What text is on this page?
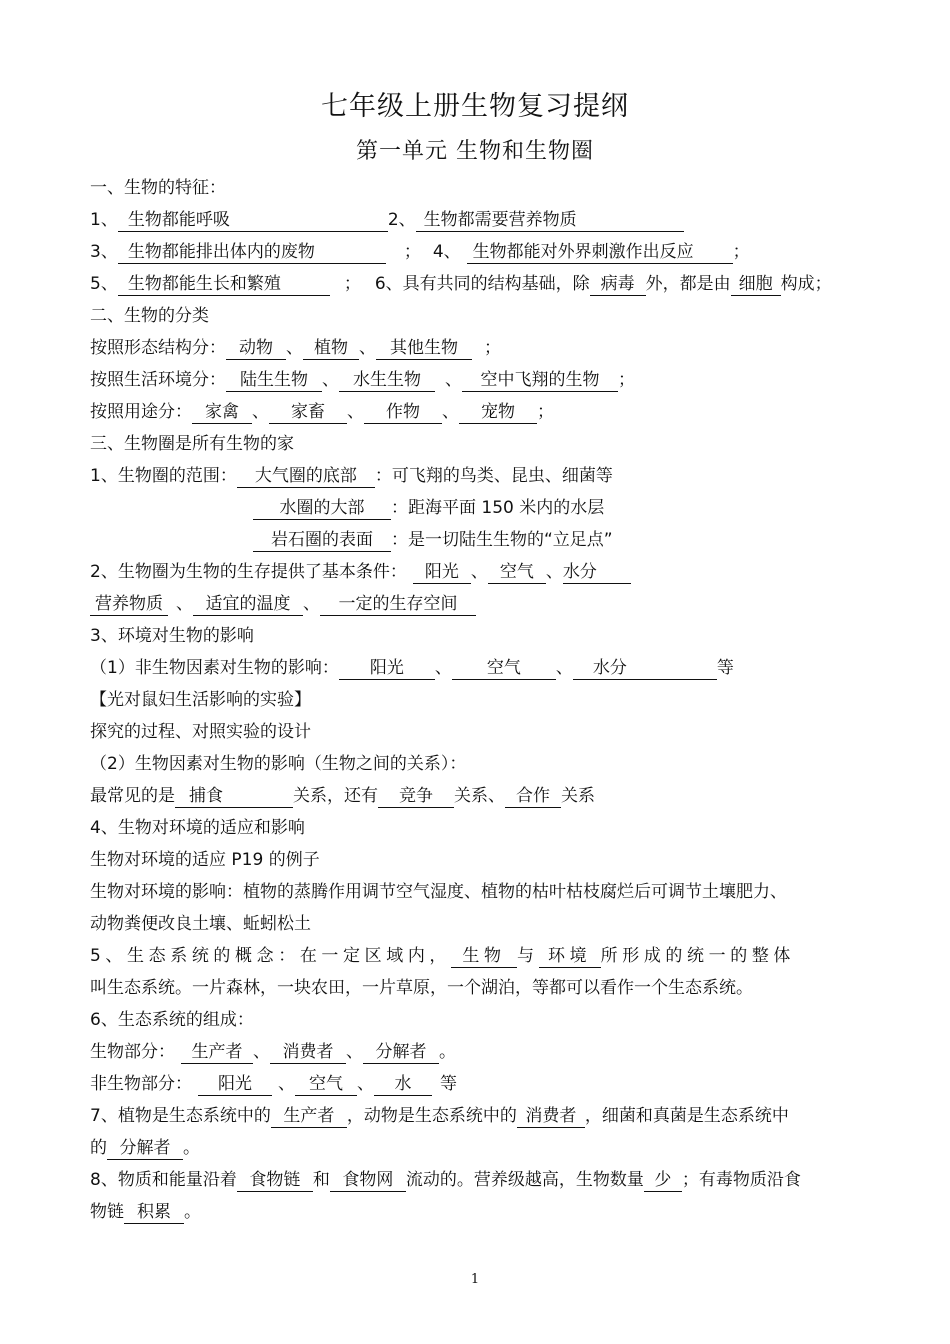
七年级上册生物复习提纲
第一单元 生物和生物圈
一、生物的特征：
1、 生物都能呼吸	2、 生物都需要营养物质
3、 生物都能排出体内的废物	； 4、 生物都能对外界刺激作出反应 ；
5、 生物都能生长和繁殖	； 6、具有共同的结构基础，除 病毒 外，都是由 细胞 构成；
二、生物的分类
按照形态结构分： 动物 、 植物 、 其他生物 ；
按照生活环境分： 陆生生物 、 水生生物 、 空中飞翔的生物 ；
按照用途分： 家禽 、 家畜 、 作物 、 宠物 ；
三、生物圈是所有生物的家
1、生物圈的范围： 大气圈的底部 ：可飞翔的鸟类、昆虫、细菌等
水圈的大部 ：距海平面 150 米内的水层
岩石圈的表面 ：是一切陆生生物的“立足点”
2、生物圈为生物的生存提供了基本条件： 阳光 、 空气 、水分
营养物质 、 适宜的温度 、 一定的生存空间
3、环境对生物的影响
（1）非生物因素对生物的影响： 阳光 、 空气 、 水分	等
【光对鼠妇生活影响的实验】
探究的过程、对照实验的设计
（2）生物因素对生物的影响（生物之间的关系）：
最常见的是 捕食	关系，还有 竞争 关系、 合作 关系
4、生物对环境的适应和影响
生物对环境的适应 P19 的例子
生物对环境的影响：植物的蒸腾作用调节空气湿度、植物的枯叶枯枝腐烂后可调节土壤肥力、
动物粪便改良土壤、蚯蚓松土
5、生态系统的概念：在一定区域内， 生物 与 环境 所形成的统一的整体
叫生态系统。一片森林，一块农田，一片草原，一个湖泊，等都可以看作一个生态系统。
6、生态系统的组成：
生物部分： 生产者 、 消费者 、 分解者 。
非生物部分： 阳光 、 空气 、 水 等
7、植物是生态系统中的 生产者 ，动物是生态系统中的 消费者 ，细菌和真菌是生态系统中
的 分解者 。
8、物质和能量沿着 食物链 和 食物网 流动的。营养级越高，生物数量 少 ；有毒物质沿食
物链 积累 。
1
